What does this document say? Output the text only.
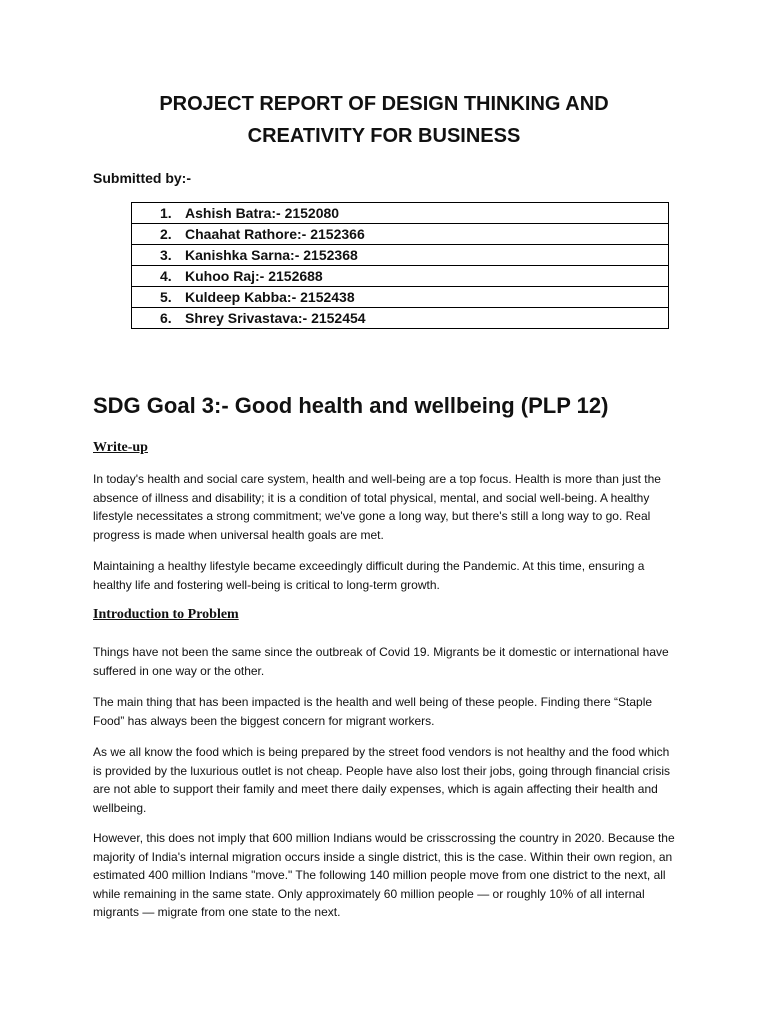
PROJECT REPORT OF DESIGN THINKING AND
CREATIVITY FOR BUSINESS
Submitted by:-
1. Ashish Batra:- 2152080
2. Chaahat Rathore:- 2152366
3. Kanishka Sarna:- 2152368
4. Kuhoo Raj:- 2152688
5. Kuldeep Kabba:- 2152438
6. Shrey Srivastava:- 2152454
SDG Goal 3:- Good health and wellbeing (PLP 12)
Write-up

In today's health and social care system, health and well-being are a top focus. Health is more than just the absence of illness and disability; it is a condition of total physical, mental, and social well-being. A healthy lifestyle necessitates a strong commitment; we've gone a long way, but there's still a long way to go. Real progress is made when universal health goals are met.

Maintaining a healthy lifestyle became exceedingly difficult during the Pandemic. At this time, ensuring a healthy life and fostering well-being is critical to long-term growth.

Introduction to Problem

Things have not been the same since the outbreak of Covid 19. Migrants be it domestic or international have suffered in one way or the other.

The main thing that has been impacted is the health and well being of these people. Finding there “Staple Food” has always been the biggest concern for migrant workers.

As we all know the food which is being prepared by the street food vendors is not healthy and the food which is provided by the luxurious outlet is not cheap. People have also lost their jobs, going through financial crisis are not able to support their family and meet there daily expenses, which is again affecting their health and wellbeing.

However, this does not imply that 600 million Indians would be crisscrossing the country in 2020. Because the majority of India's internal migration occurs inside a single district, this is the case. Within their own region, an estimated 400 million Indians "move." The following 140 million people move from one district to the next, all while remaining in the same state. Only approximately 60 million people — or roughly 10% of all internal migrants — migrate from one state to the next.
